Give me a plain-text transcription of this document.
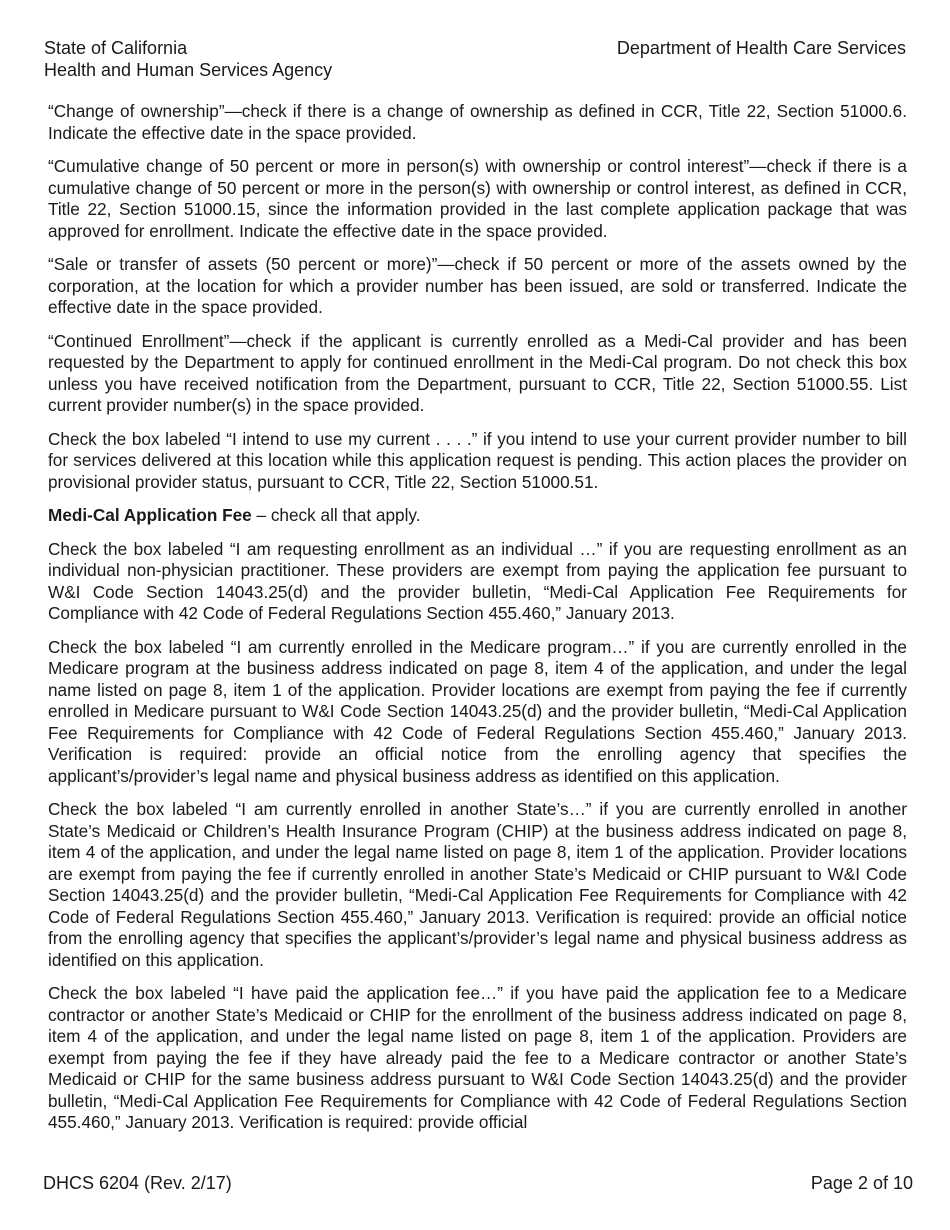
State of California
Health and Human Services Agency
Department of Health Care Services

“Change of ownership”—check if there is a change of ownership as defined in CCR, Title 22, Section 51000.6. Indicate the effective date in the space provided.

“Cumulative change of 50 percent or more in person(s) with ownership or control interest”—check if there is a cumulative change of 50 percent or more in the person(s) with ownership or control interest, as defined in CCR, Title 22, Section 51000.15, since the information provided in the last complete application package that was approved for enrollment. Indicate the effective date in the space provided.

“Sale or transfer of assets (50 percent or more)”—check if 50 percent or more of the assets owned by the corporation, at the location for which a provider number has been issued, are sold or transferred. Indicate the effective date in the space provided.

“Continued Enrollment”—check if the applicant is currently enrolled as a Medi-Cal provider and has been requested by the Department to apply for continued enrollment in the Medi-Cal program. Do not check this box unless you have received notification from the Department, pursuant to CCR, Title 22, Section 51000.55. List current provider number(s) in the space provided.

Check the box labeled “I intend to use my current . . . .” if you intend to use your current provider number to bill for services delivered at this location while this application request is pending. This action places the provider on provisional provider status, pursuant to CCR, Title 22, Section 51000.51.

Medi-Cal Application Fee – check all that apply.

Check the box labeled “I am requesting enrollment as an individual …” if you are requesting enrollment as an individual non-physician practitioner. These providers are exempt from paying the application fee pursuant to W&I Code Section 14043.25(d) and the provider bulletin, “Medi-Cal Application Fee Requirements for Compliance with 42 Code of Federal Regulations Section 455.460,” January 2013.

Check the box labeled “I am currently enrolled in the Medicare program…” if you are currently enrolled in the Medicare program at the business address indicated on page 8, item 4 of the application, and under the legal name listed on page 8, item 1 of the application. Provider locations are exempt from paying the fee if currently enrolled in Medicare pursuant to W&I Code Section 14043.25(d) and the provider bulletin, “Medi-Cal Application Fee Requirements for Compliance with 42 Code of Federal Regulations Section 455.460,” January 2013. Verification is required: provide an official notice from the enrolling agency that specifies the applicant’s/provider’s legal name and physical business address as identified on this application.

Check the box labeled “I am currently enrolled in another State’s…” if you are currently enrolled in another State’s Medicaid or Children’s Health Insurance Program (CHIP) at the business address indicated on page 8, item 4 of the application, and under the legal name listed on page 8, item 1 of the application. Provider locations are exempt from paying the fee if currently enrolled in another State’s Medicaid or CHIP pursuant to W&I Code Section 14043.25(d) and the provider bulletin, “Medi-Cal Application Fee Requirements for Compliance with 42 Code of Federal Regulations Section 455.460,” January 2013. Verification is required: provide an official notice from the enrolling agency that specifies the applicant’s/provider’s legal name and physical business address as identified on this application.

Check the box labeled “I have paid the application fee…” if you have paid the application fee to a Medicare contractor or another State’s Medicaid or CHIP for the enrollment of the business address indicated on page 8, item 4 of the application, and under the legal name listed on page 8, item 1 of the application. Providers are exempt from paying the fee if they have already paid the fee to a Medicare contractor or another State’s Medicaid or CHIP for the same business address pursuant to W&I Code Section 14043.25(d) and the provider bulletin, “Medi-Cal Application Fee Requirements for Compliance with 42 Code of Federal Regulations Section 455.460,” January 2013. Verification is required: provide official

DHCS 6204 (Rev. 2/17)	Page 2 of 10
